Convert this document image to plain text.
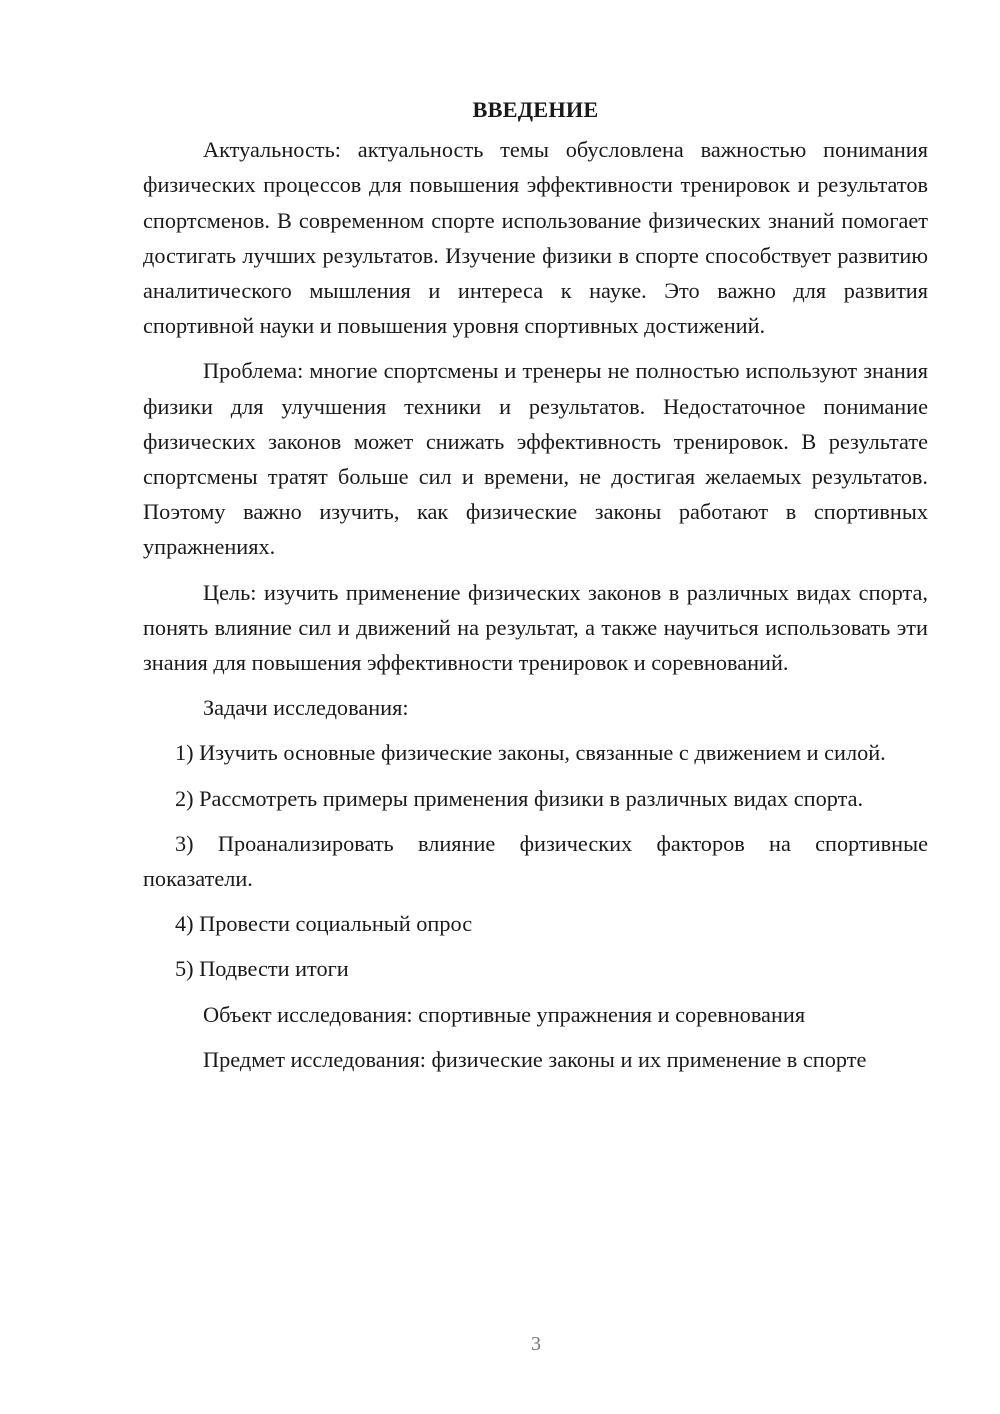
ВВЕДЕНИЕ

Актуальность: актуальность темы обусловлена важностью понимания физических процессов для повышения эффективности тренировок и результатов спортсменов. В современном спорте использование физических знаний помогает достигать лучших результатов. Изучение физики в спорте способствует развитию аналитического мышления и интереса к науке. Это важно для развития спортивной науки и повышения уровня спортивных достижений.

Проблема: многие спортсмены и тренеры не полностью используют знания физики для улучшения техники и результатов. Недостаточное понимание физических законов может снижать эффективность тренировок. В результате спортсмены тратят больше сил и времени, не достигая желаемых результатов. Поэтому важно изучить, как физические законы работают в спортивных упражнениях.

Цель: изучить применение физических законов в различных видах спорта, понять влияние сил и движений на результат, а также научиться использовать эти знания для повышения эффективности тренировок и соревнований.

Задачи исследования:

1) Изучить основные физические законы, связанные с движением и силой.

2) Рассмотреть примеры применения физики в различных видах спорта.

3) Проанализировать влияние физических факторов на спортивные показатели.

4) Провести социальный опрос

5) Подвести итоги

Объект исследования: спортивные упражнения и соревнования

Предмет исследования: физические законы и их применение в спорте

3
